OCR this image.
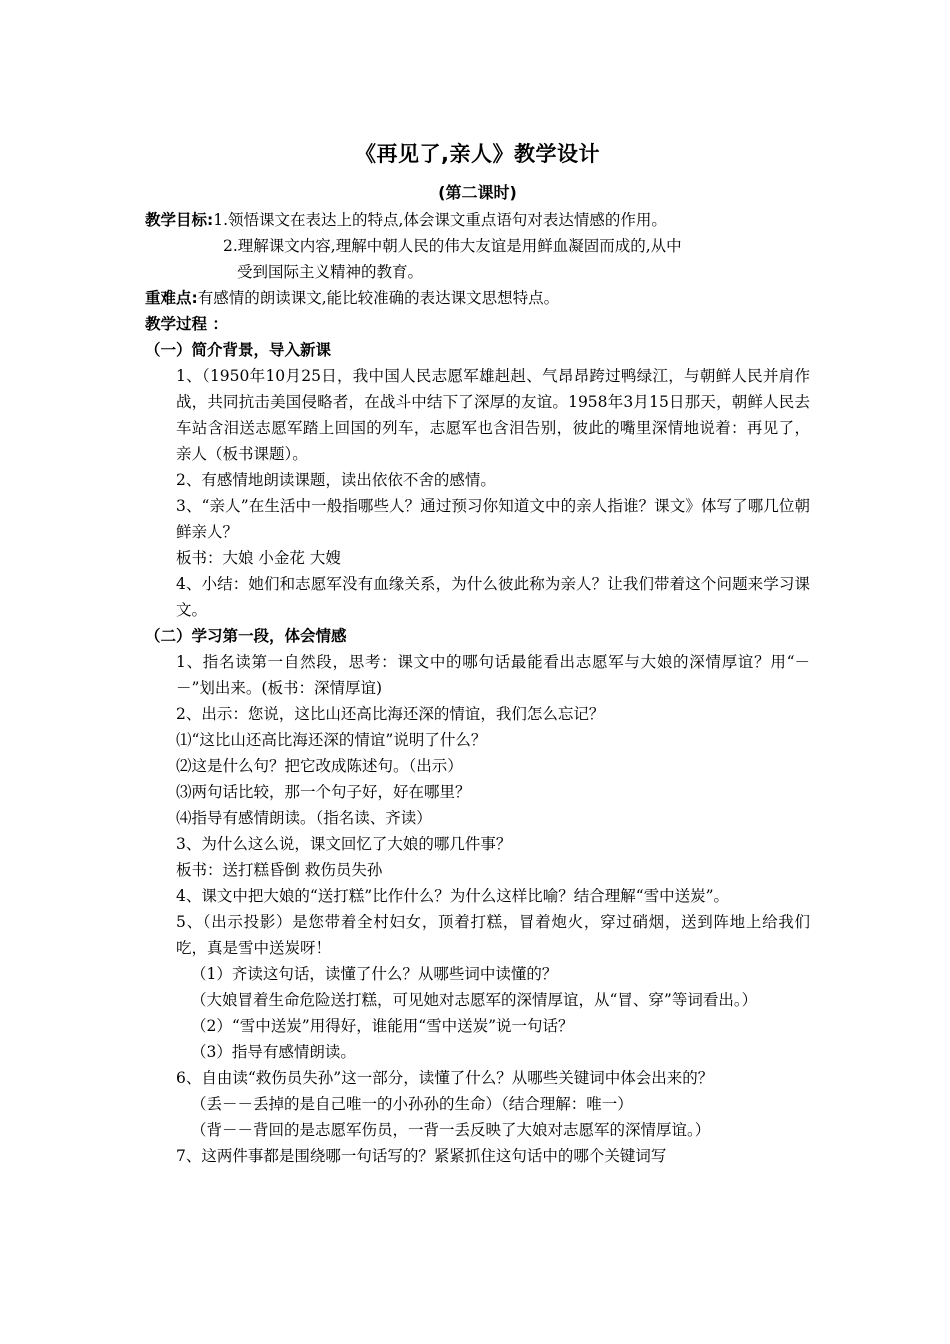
《再见了,亲人》教学设计
(第二课时)

教学目标:1.领悟课文在表达上的特点,体会课文重点语句对表达情感的作用。

2.理解课文内容,理解中朝人民的伟大友谊是用鲜血凝固而成的,从中

受到国际主义精神的教育。

重难点:有感情的朗读课文,能比较准确的表达课文思想特点。

教学过程 ：

（一）简介背景，导入新课

1、（1950年10月25日，我中国人民志愿军雄赳赳、气昂昂跨过鸭绿江，与朝鲜人民并肩作战，共同抗击美国侵略者，在战斗中结下了深厚的友谊。1958年3月15日那天，朝鲜人民去车站含泪送志愿军踏上回国的列车，志愿军也含泪告别，彼此的嘴里深情地说着：再见了，亲人（板书课题）。

2、有感情地朗读课题，读出依依不舍的感情。

3、“亲人”在生活中一般指哪些人？通过预习你知道文中的亲人指谁？课文》体写了哪几位朝鲜亲人？

板书：大娘 小金花 大嫂

4、小结：她们和志愿军没有血缘关系，为什么彼此称为亲人？让我们带着这个问题来学习课文。

（二）学习第一段，体会情感

1、指名读第一自然段，思考：课文中的哪句话最能看出志愿军与大娘的深情厚谊？用“－－”划出来。(板书：深情厚谊)

2、出示：您说，这比山还高比海还深的情谊，我们怎么忘记？

⑴“这比山还高比海还深的情谊”说明了什么？

⑵这是什么句？把它改成陈述句。（出示）

⑶两句话比较，那一个句子好，好在哪里？

⑷指导有感情朗读。（指名读、齐读）

3、为什么这么说，课文回忆了大娘的哪几件事？

板书：送打糕昏倒 救伤员失孙

4、课文中把大娘的“送打糕”比作什么？为什么这样比喻？结合理解“雪中送炭”。

5、（出示投影）是您带着全村妇女，顶着打糕，冒着炮火，穿过硝烟，送到阵地上给我们吃，真是雪中送炭呀！

（1）齐读这句话，读懂了什么？从哪些词中读懂的？

（大娘冒着生命危险送打糕，可见她对志愿军的深情厚谊，从“冒、穿”等词看出。）

（2）“雪中送炭”用得好，谁能用“雪中送炭”说一句话？

（3）指导有感情朗读。

6、自由读“救伤员失孙”这一部分，读懂了什么？从哪些关键词中体会出来的？

（丢－－丢掉的是自己唯一的小孙孙的生命）（结合理解：唯一）

（背－－背回的是志愿军伤员，一背一丢反映了大娘对志愿军的深情厚谊。）

7、这两件事都是围绕哪一句话写的？紧紧抓住这句话中的哪个关键词写
